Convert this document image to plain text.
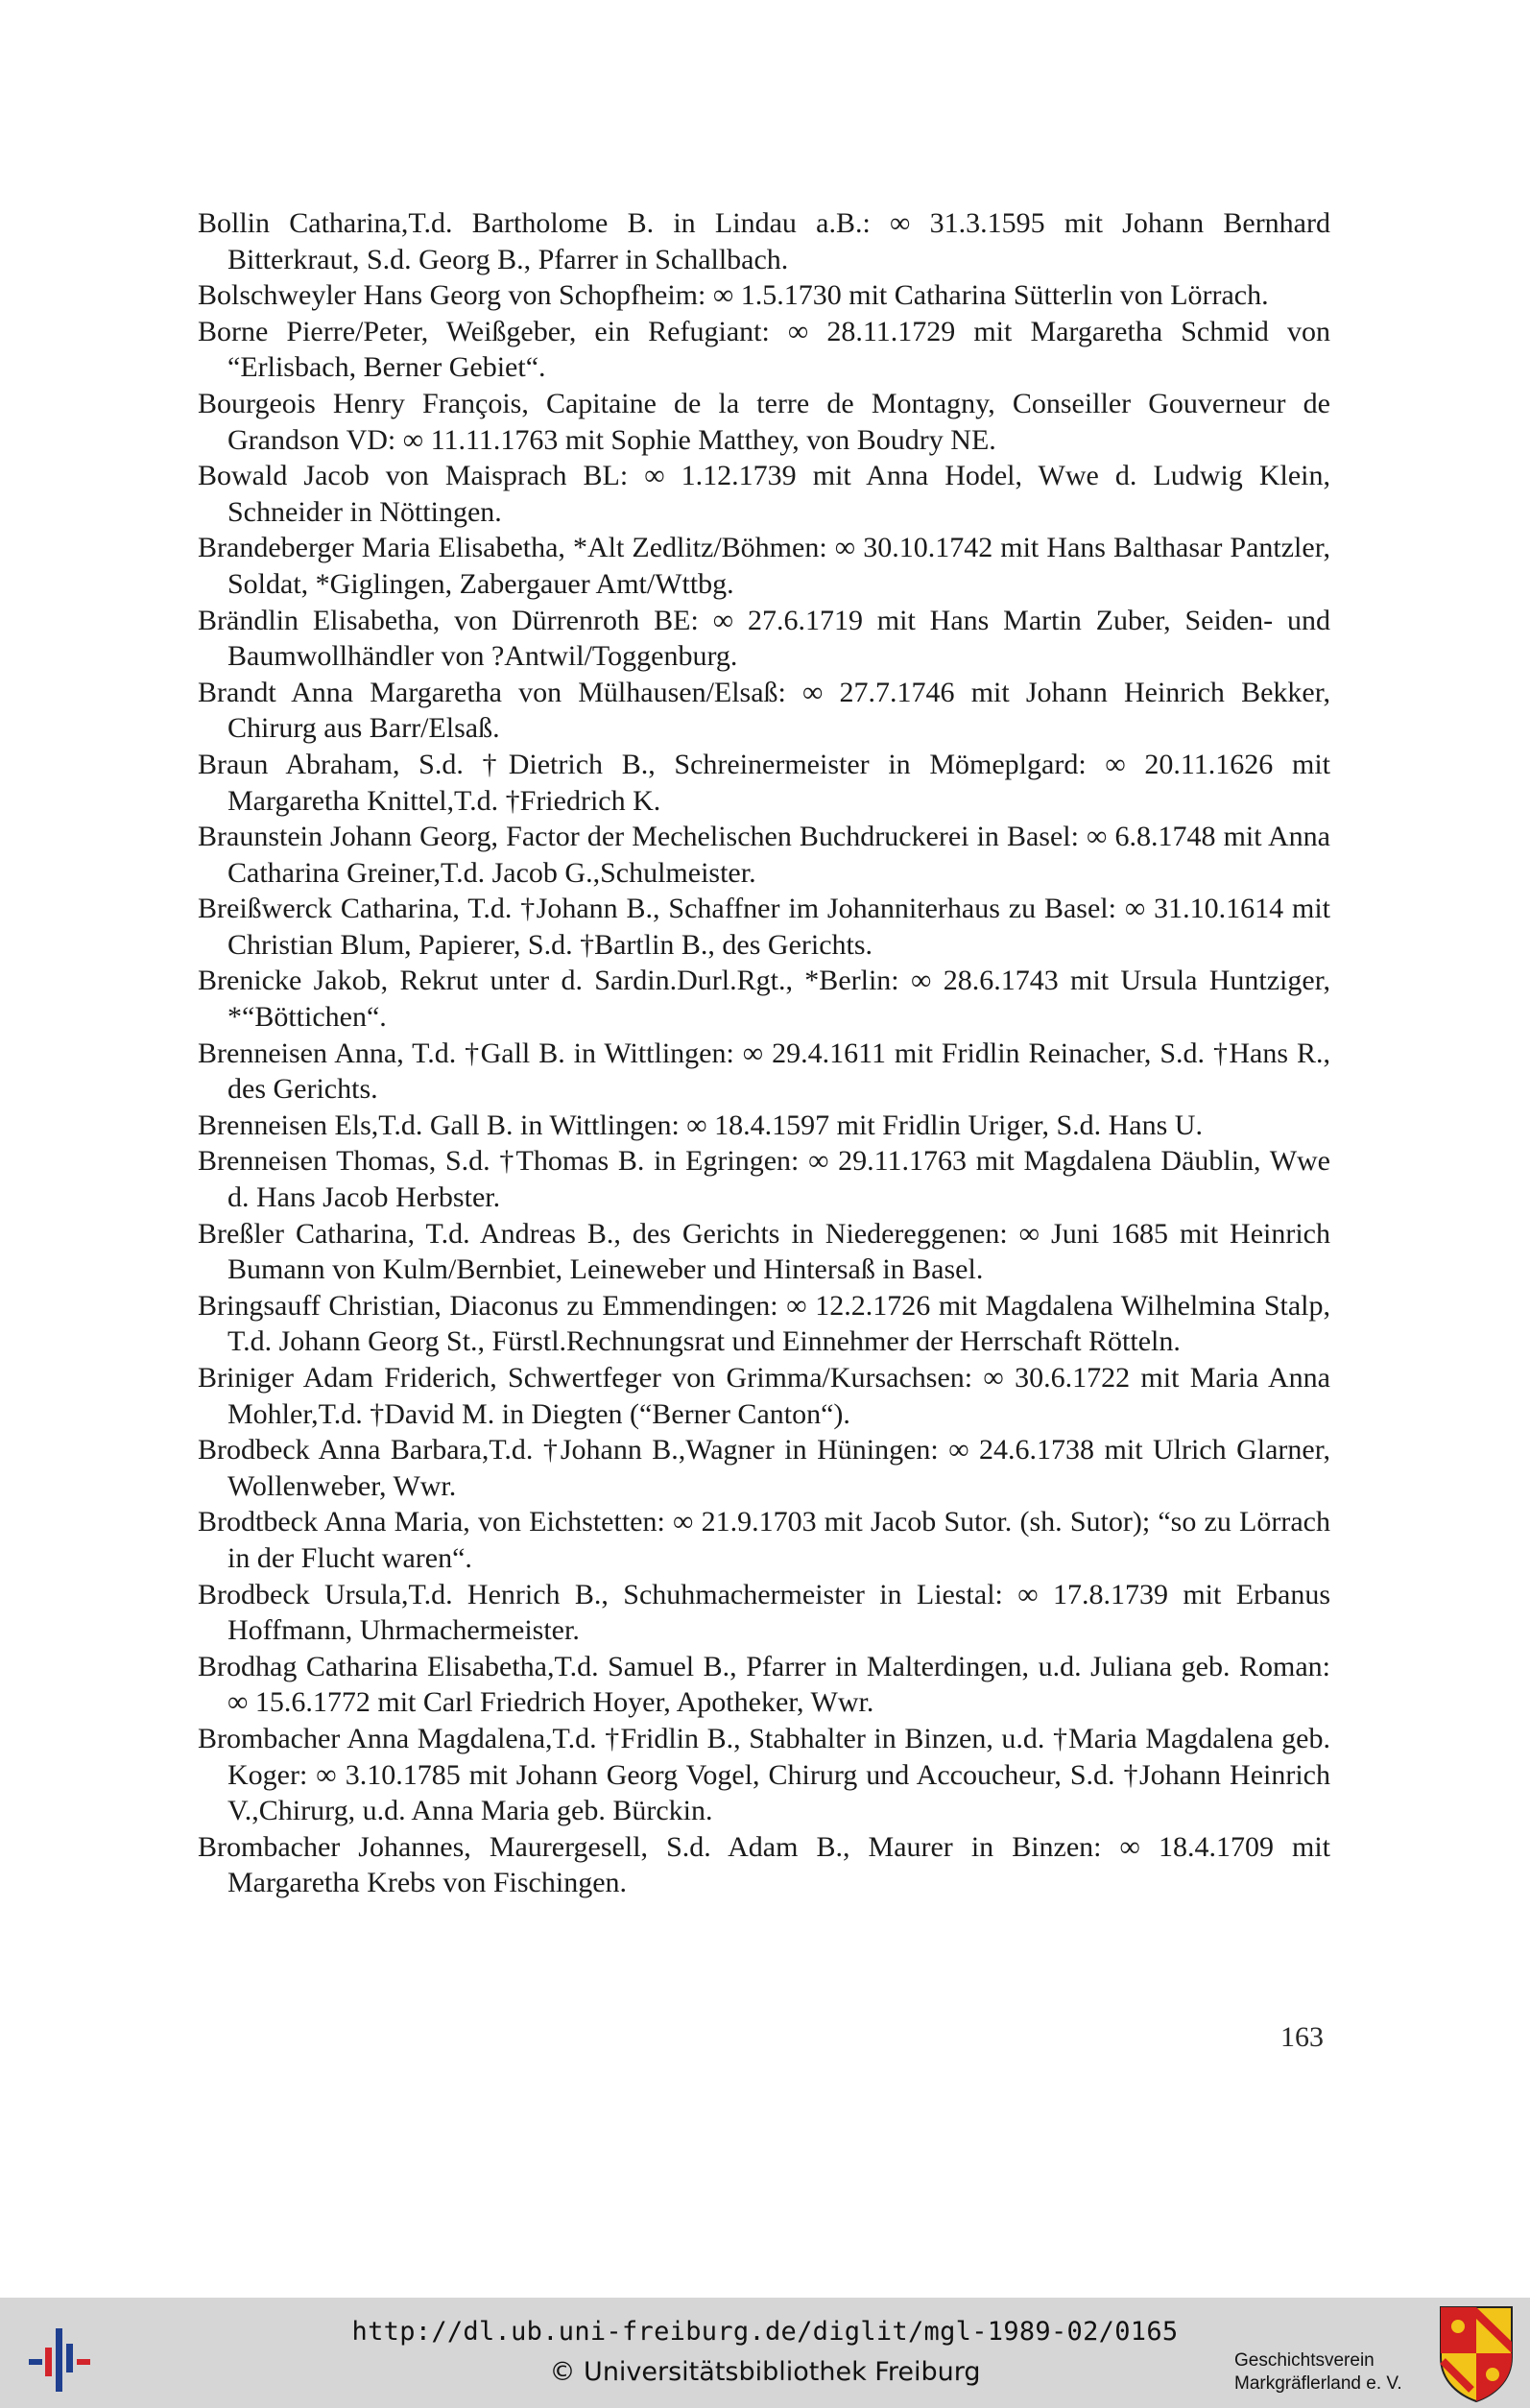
Bollin Catharina,T.d. Bartholome B. in Lindau a.B.: ∞ 31.3.1595 mit Johann Bernhard Bitterkraut, S.d. Georg B., Pfarrer in Schallbach.

Bolschweyler Hans Georg von Schopfheim: ∞ 1.5.1730 mit Catharina Sütterlin von Lörrach.

Borne Pierre/Peter, Weißgeber, ein Refugiant: ∞ 28.11.1729 mit Margaretha Schmid von “Erlisbach, Berner Gebiet“.

Bourgeois Henry François, Capitaine de la terre de Montagny, Conseiller Gouverneur de Grandson VD: ∞ 11.11.1763 mit Sophie Matthey, von Boudry NE.

Bowald Jacob von Maisprach BL: ∞ 1.12.1739 mit Anna Hodel, Wwe d. Ludwig Klein, Schneider in Nöttingen.

Brandeberger Maria Elisabetha, *Alt Zedlitz/Böhmen: ∞ 30.10.1742 mit Hans Balthasar Pantzler, Soldat, *Giglingen, Zabergauer Amt/Wttbg.

Brändlin Elisabetha, von Dürrenroth BE: ∞ 27.6.1719 mit Hans Martin Zuber, Seiden- und Baumwollhändler von ?Antwil/Toggenburg.

Brandt Anna Margaretha von Mülhausen/Elsaß: ∞ 27.7.1746 mit Johann Heinrich Bekker, Chirurg aus Barr/Elsaß.

Braun Abraham, S.d. †Dietrich B., Schreinermeister in Mömeplgard: ∞ 20.11.1626 mit Margaretha Knittel,T.d. †Friedrich K.

Braunstein Johann Georg, Factor der Mechelischen Buchdruckerei in Basel: ∞ 6.8.1748 mit Anna Catharina Greiner,T.d. Jacob G.,Schulmeister.

Breißwerck Catharina, T.d. †Johann B., Schaffner im Johanniterhaus zu Basel: ∞ 31.10.1614 mit Christian Blum, Papierer, S.d. †Bartlin B., des Gerichts.

Brenicke Jakob, Rekrut unter d. Sardin.Durl.Rgt., *Berlin: ∞ 28.6.1743 mit Ursula Huntziger, *“Böttichen“.

Brenneisen Anna, T.d. †Gall B. in Wittlingen: ∞ 29.4.1611 mit Fridlin Reinacher, S.d. †Hans R., des Gerichts.

Brenneisen Els,T.d. Gall B. in Wittlingen: ∞ 18.4.1597 mit Fridlin Uriger, S.d. Hans U.

Brenneisen Thomas, S.d. †Thomas B. in Egringen: ∞ 29.11.1763 mit Magdalena Däublin, Wwe d. Hans Jacob Herbster.

Breßler Catharina, T.d. Andreas B., des Gerichts in Niedereggenen: ∞ Juni 1685 mit Heinrich Bumann von Kulm/Bernbiet, Leineweber und Hintersaß in Basel.

Bringsauff Christian, Diaconus zu Emmendingen: ∞ 12.2.1726 mit Magdalena Wilhelmina Stalp, T.d. Johann Georg St., Fürstl.Rechnungsrat und Einnehmer der Herrschaft Rötteln.

Briniger Adam Friderich, Schwertfeger von Grimma/Kursachsen: ∞ 30.6.1722 mit Maria Anna Mohler,T.d. †David M. in Diegten (“Berner Canton“).

Brodbeck Anna Barbara,T.d. †Johann B.,Wagner in Hüningen: ∞ 24.6.1738 mit Ulrich Glarner, Wollenweber, Wwr.

Brodtbeck Anna Maria, von Eichstetten: ∞ 21.9.1703 mit Jacob Sutor. (sh. Sutor); “so zu Lörrach in der Flucht waren“.

Brodbeck Ursula,T.d. Henrich B., Schuhmachermeister in Liestal: ∞ 17.8.1739 mit Erbanus Hoffmann, Uhrmachermeister.

Brodhag Catharina Elisabetha,T.d. Samuel B., Pfarrer in Malterdingen, u.d. Juliana geb. Roman: ∞ 15.6.1772 mit Carl Friedrich Hoyer, Apotheker, Wwr.

Brombacher Anna Magdalena,T.d. †Fridlin B., Stabhalter in Binzen, u.d. †Maria Magdalena geb. Koger: ∞ 3.10.1785 mit Johann Georg Vogel, Chirurg und Accoucheur, S.d. †Johann Heinrich V.,Chirurg, u.d. Anna Maria geb. Bürckin.

Brombacher Johannes, Maurergesell, S.d. Adam B., Maurer in Binzen: ∞ 18.4.1709 mit Margaretha Krebs von Fischingen.

163
http://dl.ub.uni-freiburg.de/diglit/mgl-1989-02/0165
© Universitätsbibliothek Freiburg	Geschichtsverein
Markgräflerland e. V.
